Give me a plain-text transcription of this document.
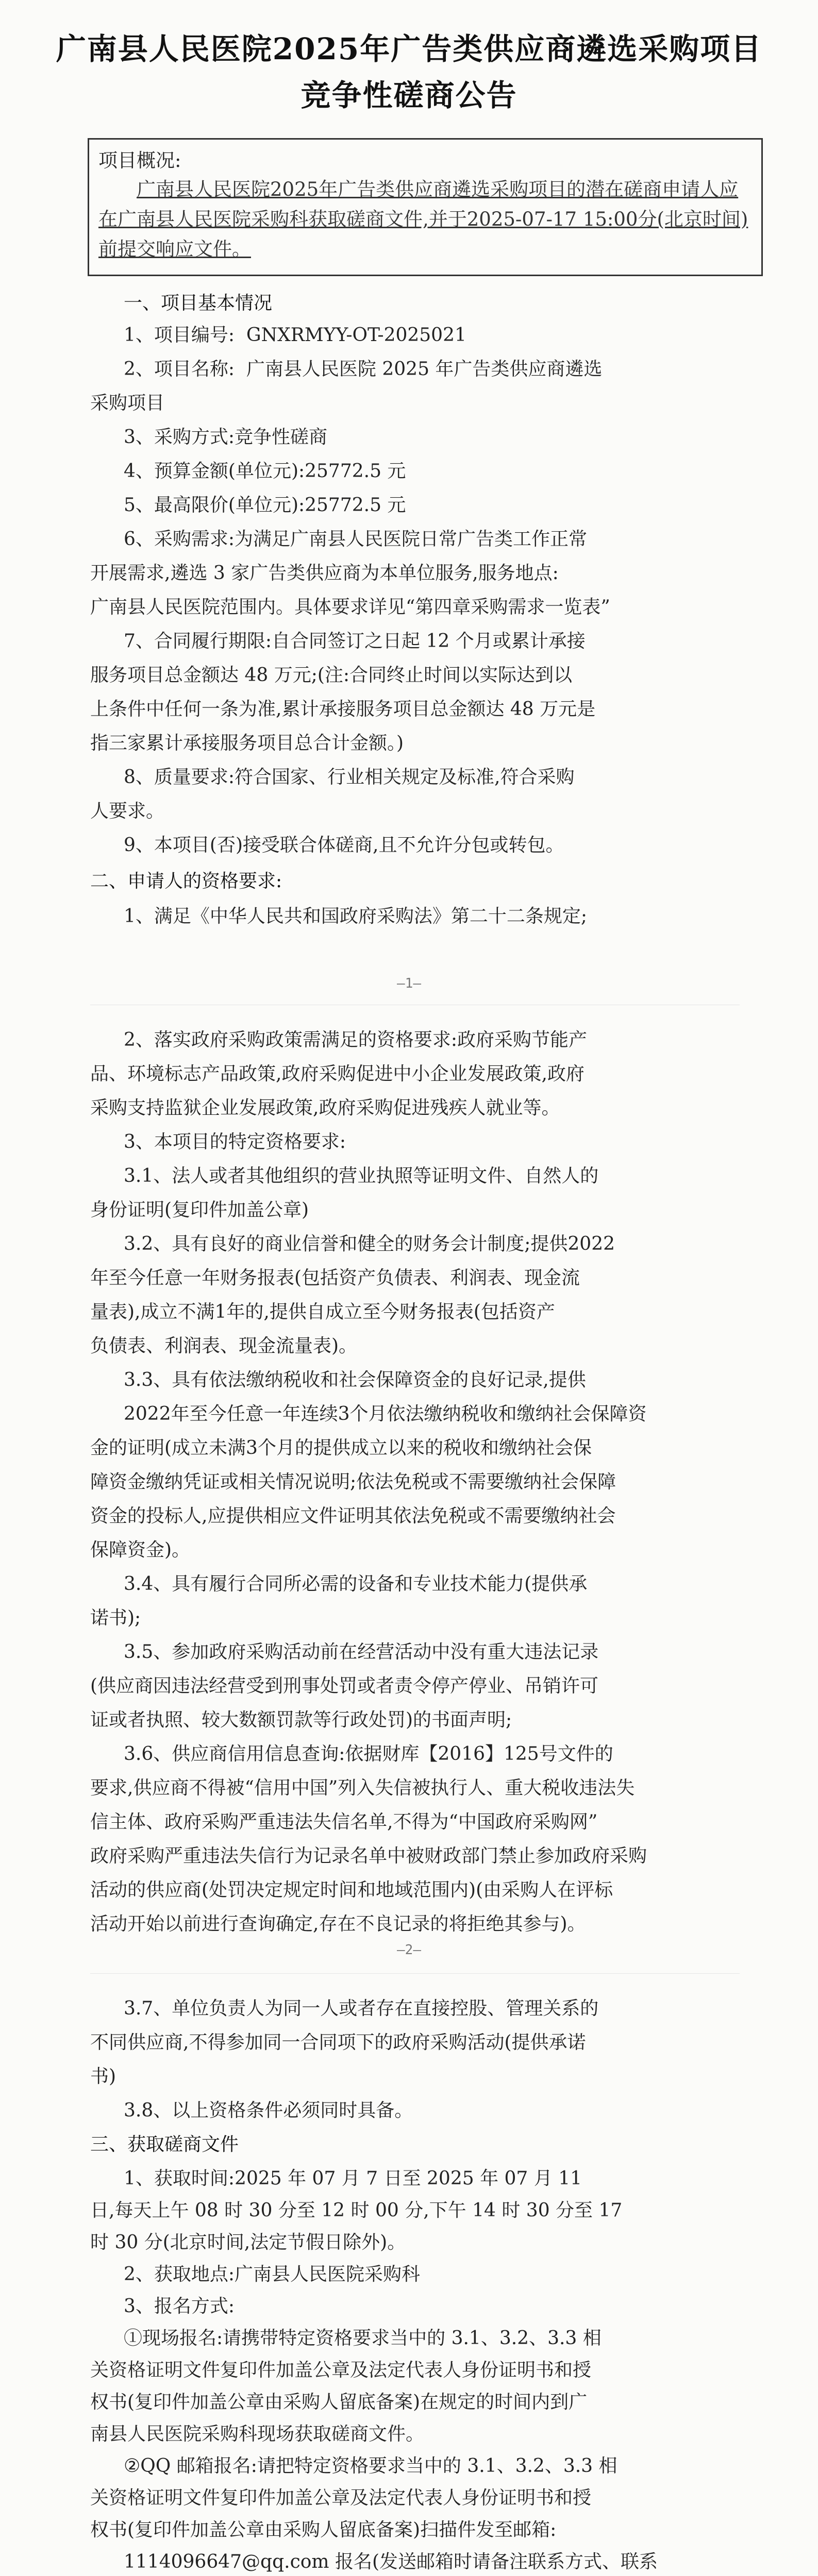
广南县人民医院2025年广告类供应商遴选采购项目
竞争性磋商公告
项目概况:
广南县人民医院2025年广告类供应商遴选采购项目的潜在磋商申请人应在广南县人民医院采购科获取磋商文件,并于2025-07-17 15:00分(北京时间)前提交响应文件。
一、项目基本情况
1、项目编号:  GNXRMYY-OT-2025021
2、项目名称:  广南县人民医院 2025 年广告类供应商遴选
采购项目
3、采购方式:竞争性磋商
4、预算金额(单位元):25772.5 元
5、最高限价(单位元):25772.5 元
6、采购需求:为满足广南县人民医院日常广告类工作正常
开展需求,遴选 3 家广告类供应商为本单位服务,服务地点:
广南县人民医院范围内。具体要求详见“第四章采购需求一览表”
7、合同履行期限:自合同签订之日起 12 个月或累计承接
服务项目总金额达 48 万元;(注:合同终止时间以实际达到以
上条件中任何一条为准,累计承接服务项目总金额达 48 万元是
指三家累计承接服务项目总合计金额。)
8、质量要求:符合国家、行业相关规定及标准,符合采购
人要求。
9、本项目(否)接受联合体磋商,且不允许分包或转包。
二、申请人的资格要求:
1、满足《中华人民共和国政府采购法》第二十二条规定;
—1—
2、落实政府采购政策需满足的资格要求:政府采购节能产
品、环境标志产品政策,政府采购促进中小企业发展政策,政府
采购支持监狱企业发展政策,政府采购促进残疾人就业等。
3、本项目的特定资格要求:
3.1、法人或者其他组织的营业执照等证明文件、自然人的
身份证明(复印件加盖公章)
3.2、具有良好的商业信誉和健全的财务会计制度;提供2022
年至今任意一年财务报表(包括资产负债表、利润表、现金流
量表),成立不满1年的,提供自成立至今财务报表(包括资产
负债表、利润表、现金流量表)。
3.3、具有依法缴纳税收和社会保障资金的良好记录,提供
2022年至今任意一年连续3个月依法缴纳税收和缴纳社会保障资
金的证明(成立未满3个月的提供成立以来的税收和缴纳社会保
障资金缴纳凭证或相关情况说明;依法免税或不需要缴纳社会保障
资金的投标人,应提供相应文件证明其依法免税或不需要缴纳社会
保障资金)。
3.4、具有履行合同所必需的设备和专业技术能力(提供承
诺书);
3.5、参加政府采购活动前在经营活动中没有重大违法记录
(供应商因违法经营受到刑事处罚或者责令停产停业、吊销许可
证或者执照、较大数额罚款等行政处罚)的书面声明;
3.6、供应商信用信息查询:依据财库【2016】125号文件的
要求,供应商不得被“信用中国”列入失信被执行人、重大税收违法失
信主体、政府采购严重违法失信名单,不得为“中国政府采购网”
政府采购严重违法失信行为记录名单中被财政部门禁止参加政府采购
活动的供应商(处罚决定规定时间和地域范围内)(由采购人在评标
活动开始以前进行查询确定,存在不良记录的将拒绝其参与)。
—2—
3.7、单位负责人为同一人或者存在直接控股、管理关系的
不同供应商,不得参加同一合同项下的政府采购活动(提供承诺
书)
3.8、以上资格条件必须同时具备。
三、获取磋商文件
1、获取时间:2025 年 07 月 7 日至 2025 年 07 月 11
日,每天上午 08 时 30 分至 12 时 00 分,下午 14 时 30 分至 17
时 30 分(北京时间,法定节假日除外)。
2、获取地点:广南县人民医院采购科
3、报名方式:
①现场报名:请携带特定资格要求当中的 3.1、3.2、3.3 相
关资格证明文件复印件加盖公章及法定代表人身份证明书和授
权书(复印件加盖公章由采购人留底备案)在规定的时间内到广
南县人民医院采购科现场获取磋商文件。
②QQ 邮箱报名:请把特定资格要求当中的 3.1、3.2、3.3 相
关资格证明文件复印件加盖公章及法定代表人身份证明书和授
权书(复印件加盖公章由采购人留底备案)扫描件发至邮箱:
1114096647@qq.com 报名(发送邮箱时请备注联系方式、联系
